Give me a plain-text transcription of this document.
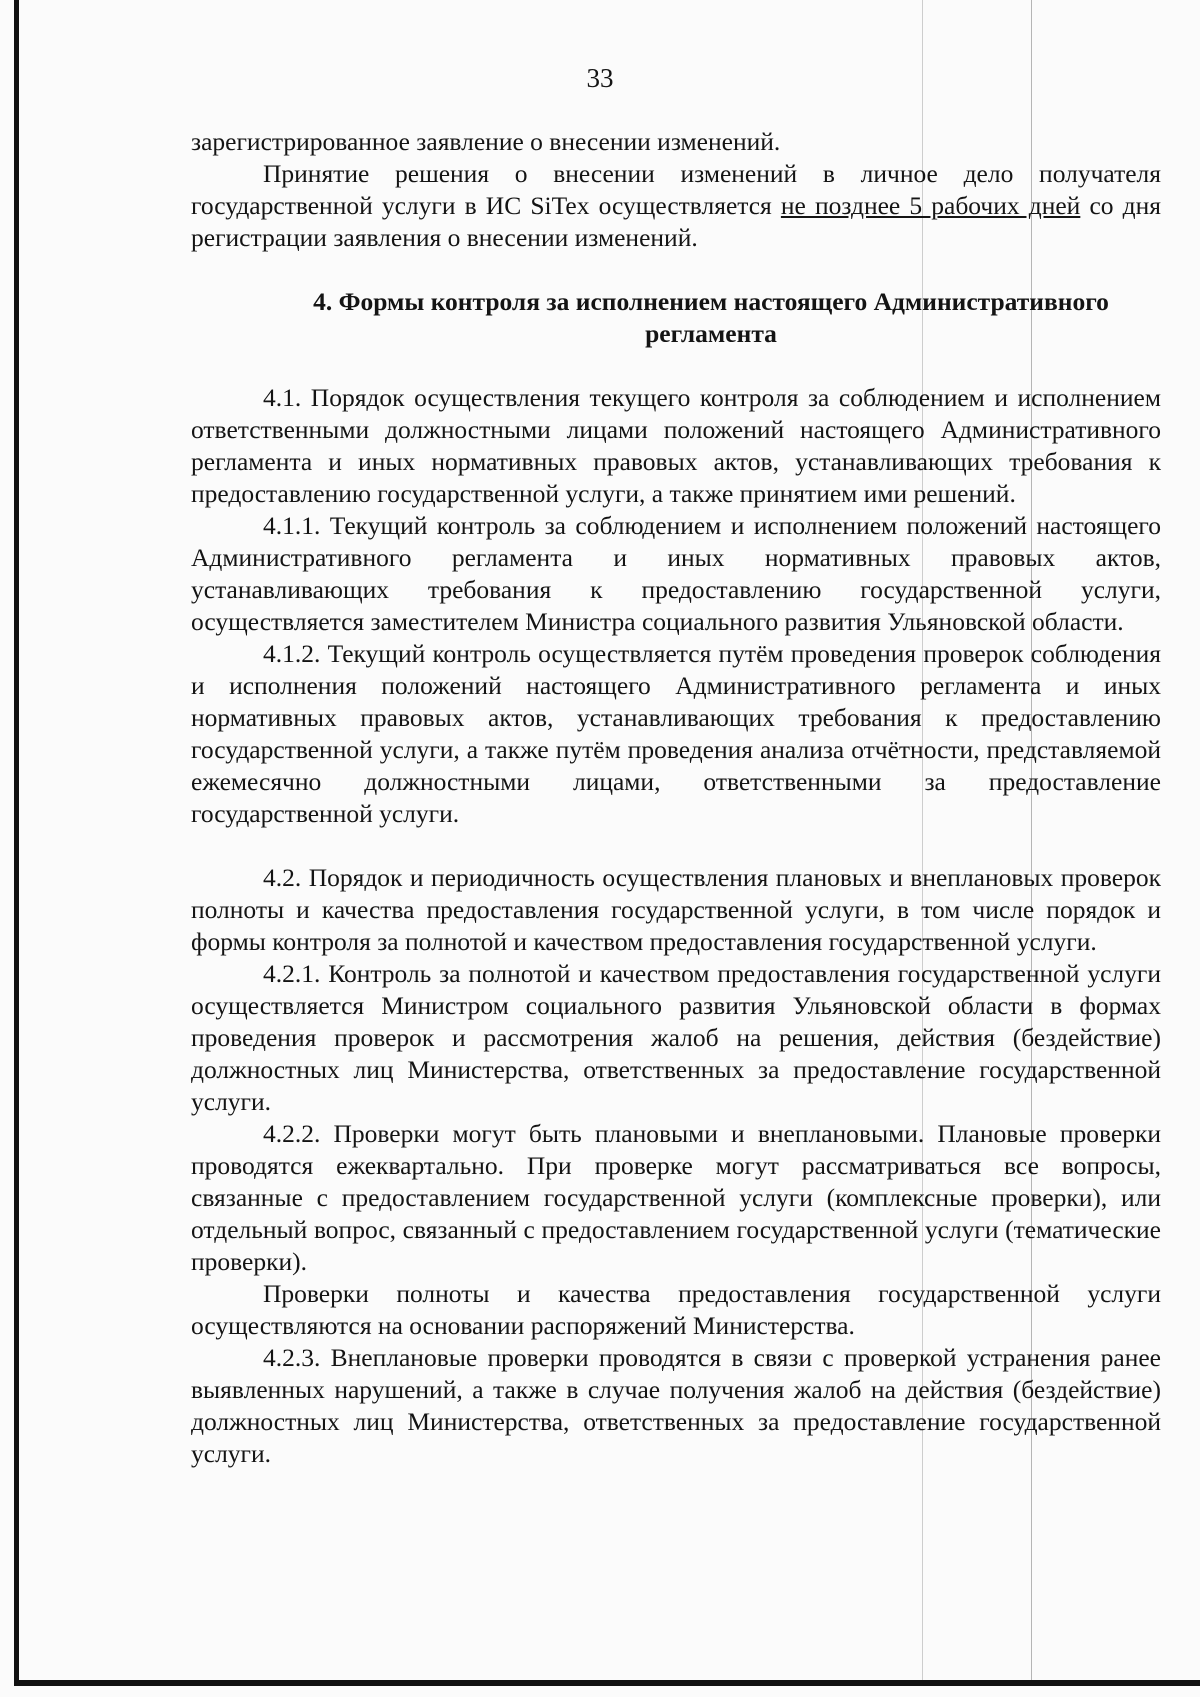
33

зарегистрированное заявление о внесении изменений.

Принятие решения о внесении изменений в личное дело получателя государственной услуги в ИС SiTex осуществляется не позднее 5 рабочих дней со дня регистрации заявления о внесении изменений.

4. Формы контроля за исполнением настоящего Административного регламента

4.1. Порядок осуществления текущего контроля за соблюдением и исполнением ответственными должностными лицами положений настоящего Административного регламента и иных нормативных правовых актов, устанавливающих требования к предоставлению государственной услуги, а также принятием ими решений.

4.1.1. Текущий контроль за соблюдением и исполнением положений настоящего Административного регламента и иных нормативных правовых актов, устанавливающих требования к предоставлению государственной услуги, осуществляется заместителем Министра социального развития Ульяновской области.

4.1.2. Текущий контроль осуществляется путём проведения проверок соблюдения и исполнения положений настоящего Административного регламента и иных нормативных правовых актов, устанавливающих требования к предоставлению государственной услуги, а также путём проведения анализа отчётности, представляемой ежемесячно должностными лицами, ответственными за предоставление государственной услуги.

4.2. Порядок и периодичность осуществления плановых и внеплановых проверок полноты и качества предоставления государственной услуги, в том числе порядок и формы контроля за полнотой и качеством предоставления государственной услуги.

4.2.1. Контроль за полнотой и качеством предоставления государственной услуги осуществляется Министром социального развития Ульяновской области в формах проведения проверок и рассмотрения жалоб на решения, действия (бездействие) должностных лиц Министерства, ответственных за предоставление государственной услуги.

4.2.2. Проверки могут быть плановыми и внеплановыми. Плановые проверки проводятся ежеквартально. При проверке могут рассматриваться все вопросы, связанные с предоставлением государственной услуги (комплексные проверки), или отдельный вопрос, связанный с предоставлением государственной услуги (тематические проверки).

Проверки полноты и качества предоставления государственной услуги осуществляются на основании распоряжений Министерства.

4.2.3. Внеплановые проверки проводятся в связи с проверкой устранения ранее выявленных нарушений, а также в случае получения жалоб на действия (бездействие) должностных лиц Министерства, ответственных за предоставление государственной услуги.
